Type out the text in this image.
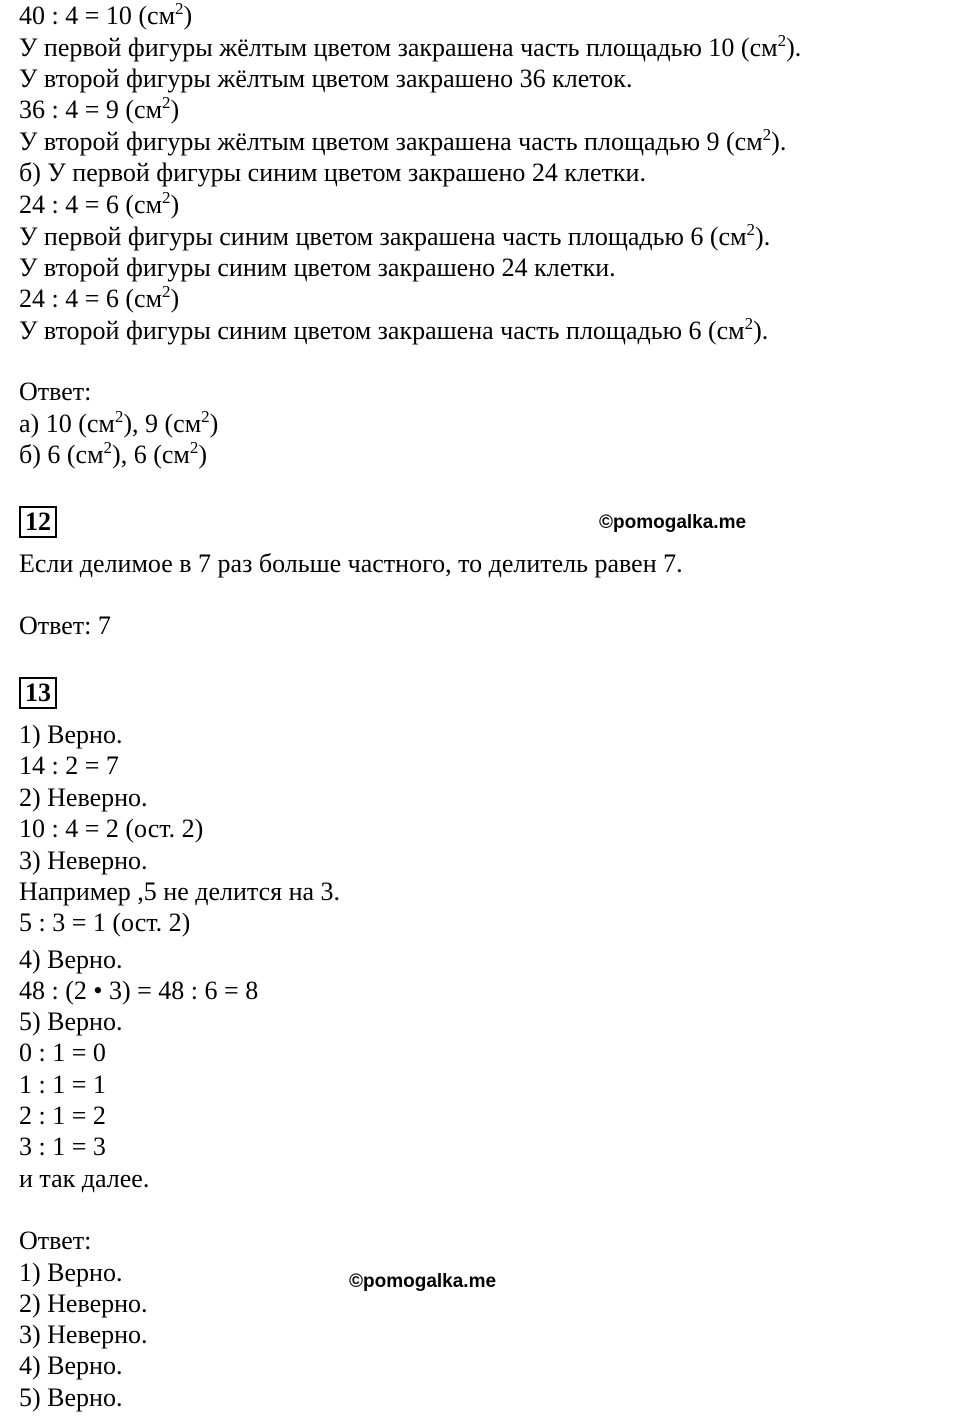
40 : 4 = 10 $(см^2)$
У первой фигуры жёлтым цветом закрашена часть площадью 10 $(см^2)$.
У второй фигуры жёлтым цветом закрашено 36 клеток.
36 : 4 = 9 $(см^2)$
У второй фигуры жёлтым цветом закрашена часть площадью 9 $(см^2)$.
б) У первой фигуры синим цветом закрашено 24 клетки.
24 : 4 = 6 $(см^2)$
У первой фигуры синим цветом закрашена часть площадью 6 $(см^2)$.
У второй фигуры синим цветом закрашено 24 клетки.
24 : 4 = 6 $(см^2)$
У второй фигуры синим цветом закрашена часть площадью 6 $(см^2)$.
Ответ:
а) 10 $(см^2)$, 9 $(см^2)$
б) 6 $(см^2)$, 6 $(см^2)$
12	©pomogalka.me
Если делимое в 7 раз больше частного, то делитель равен 7.
Ответ: 7
13
1) Верно.
14 : 2 = 7
2) Неверно.
10 : 4 = 2 (ост. 2)
3) Неверно.
Например ,5 не делится на 3.
5 : 3 = 1 (ост. 2)
4) Верно.
48 : (2 • 3) = 48 : 6 = 8
5) Верно.
0 : 1 = 0
1 : 1 = 1
2 : 1 = 2
3 : 1 = 3
и так далее.
Ответ:
1) Верно.
2) Неверно.
3) Неверно.
4) Верно.
5) Верно.
©pomogalka.me
